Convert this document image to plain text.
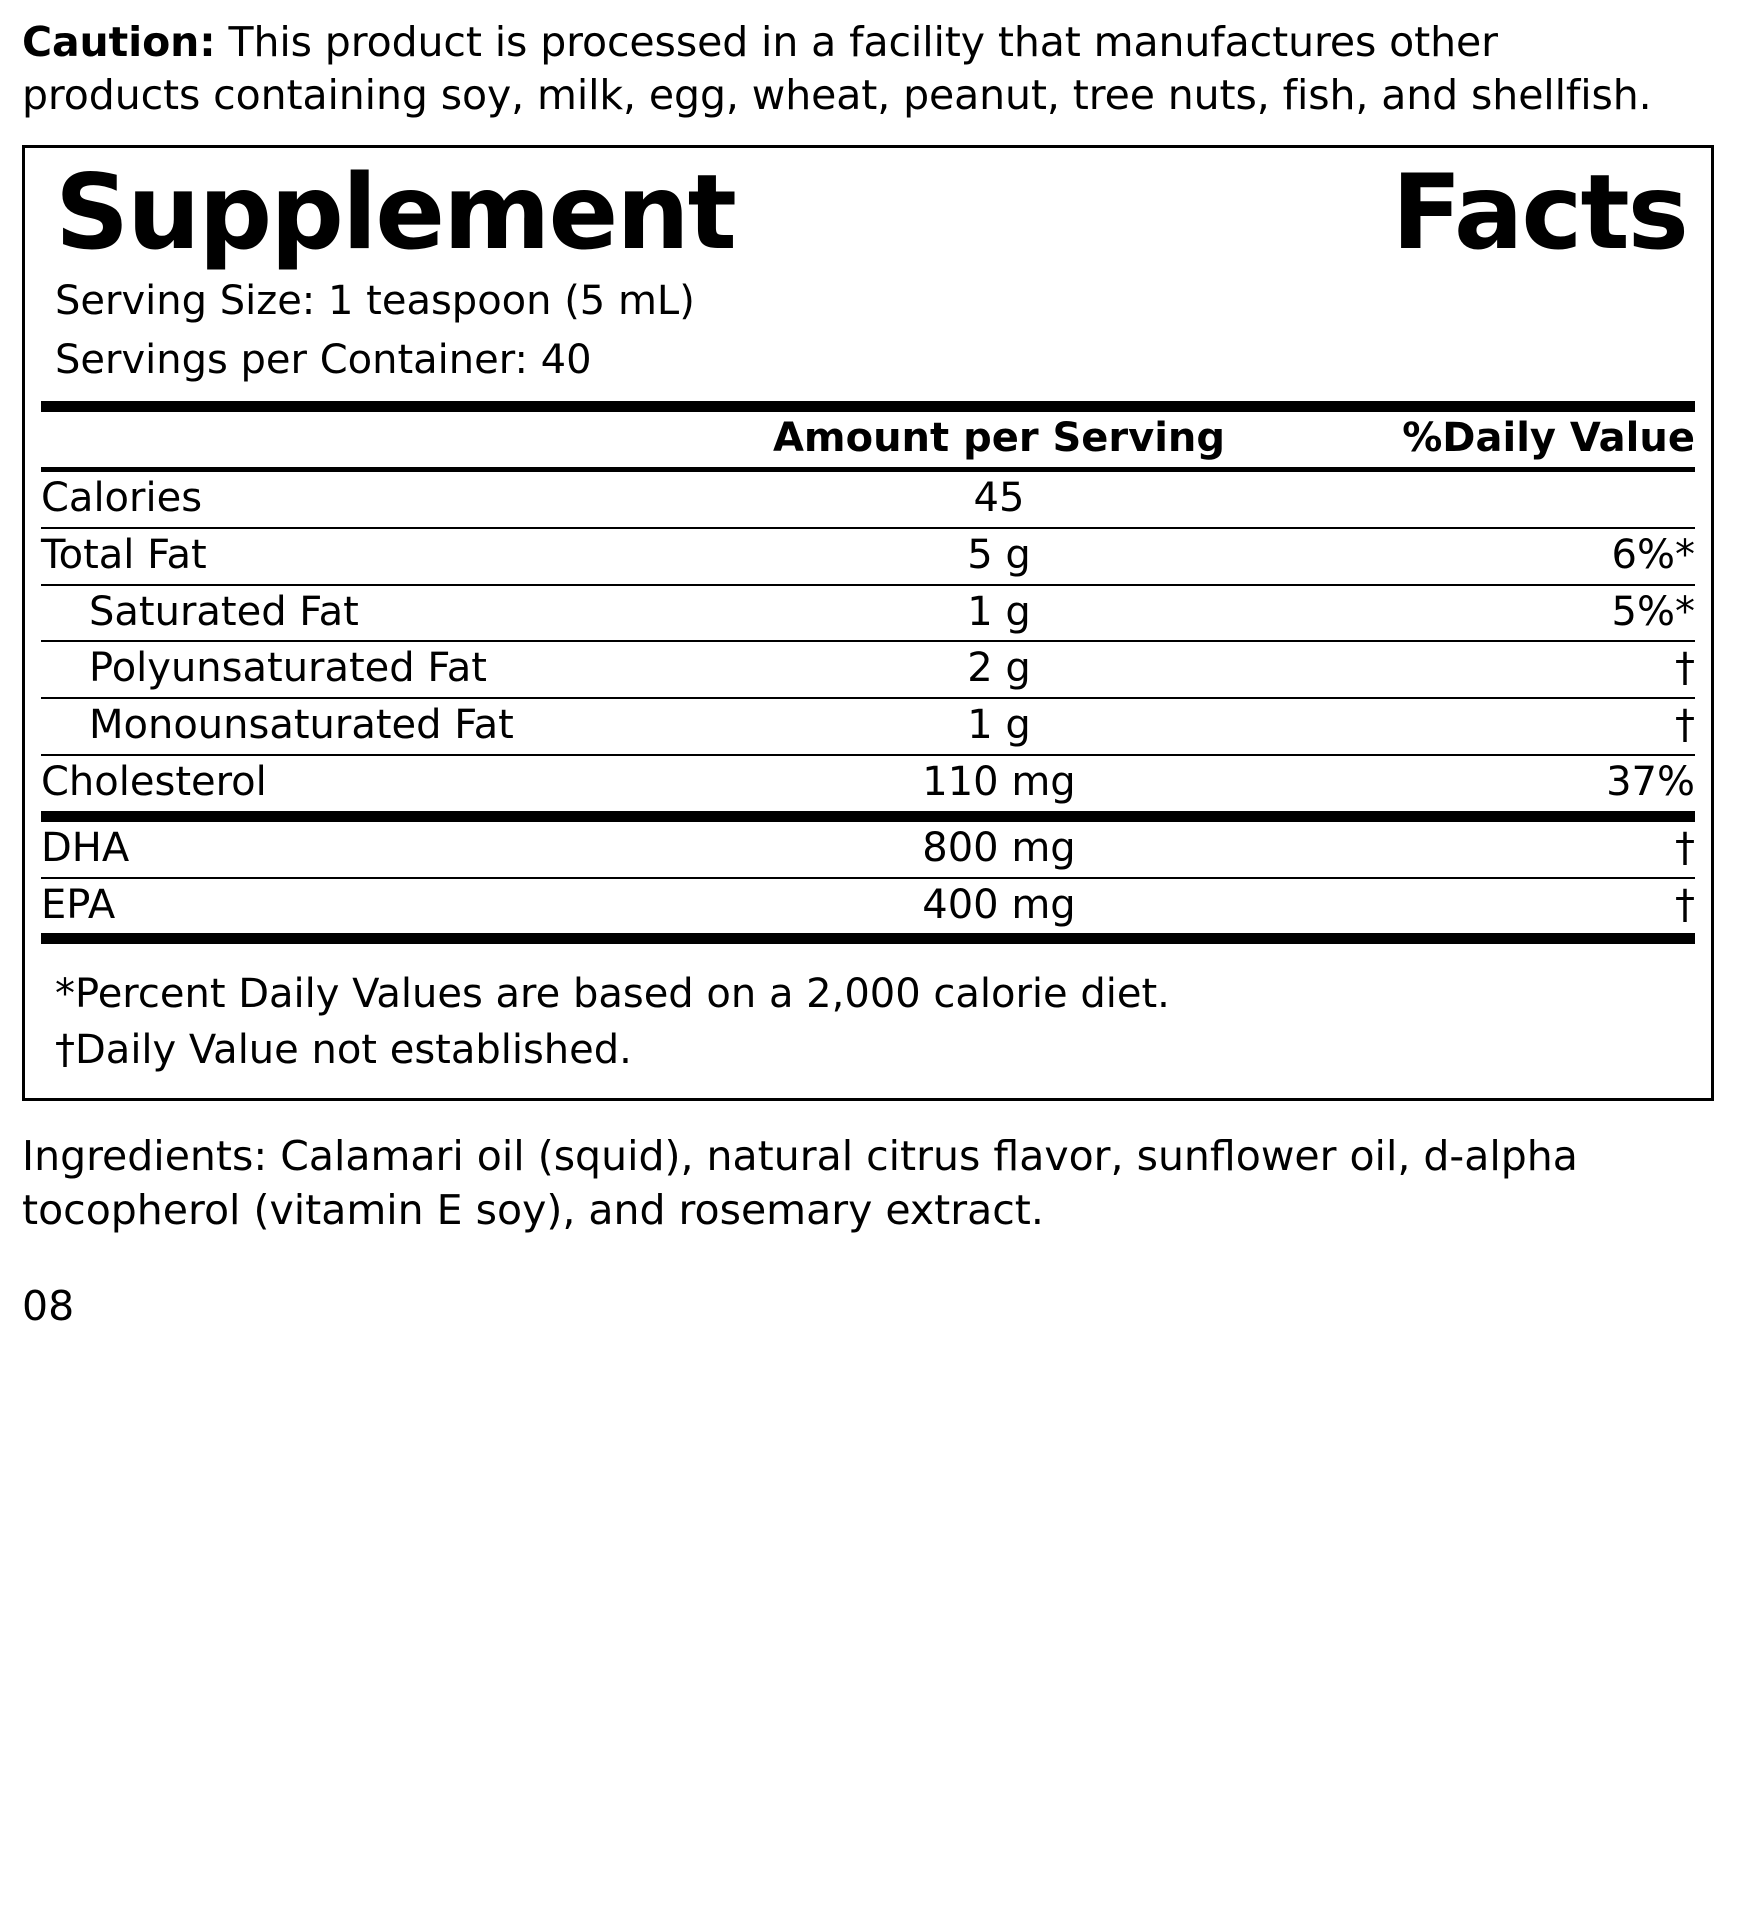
Caution: This product is processed in a facility that manufactures other products containing soy, milk, egg, wheat, peanut, tree nuts, fish, and shellfish.

Supplement	Facts
Serving Size: 1 teaspoon (5 mL)
Servings per Container: 40
	Amount per Serving	%Daily Value
Calories	45	
Total Fat	5 g	6%*
Saturated Fat	1 g	5%*
Polyunsaturated Fat	2 g	†
Monounsaturated Fat	1 g	†
Cholesterol	110 mg	37%
DHA	800 mg	†
EPA	400 mg	†

*Percent Daily Values are based on a 2,000 calorie diet.
†Daily Value not established.

Ingredients: Calamari oil (squid), natural citrus flavor, sunflower oil, d-alpha tocopherol (vitamin E soy), and rosemary extract.

08
